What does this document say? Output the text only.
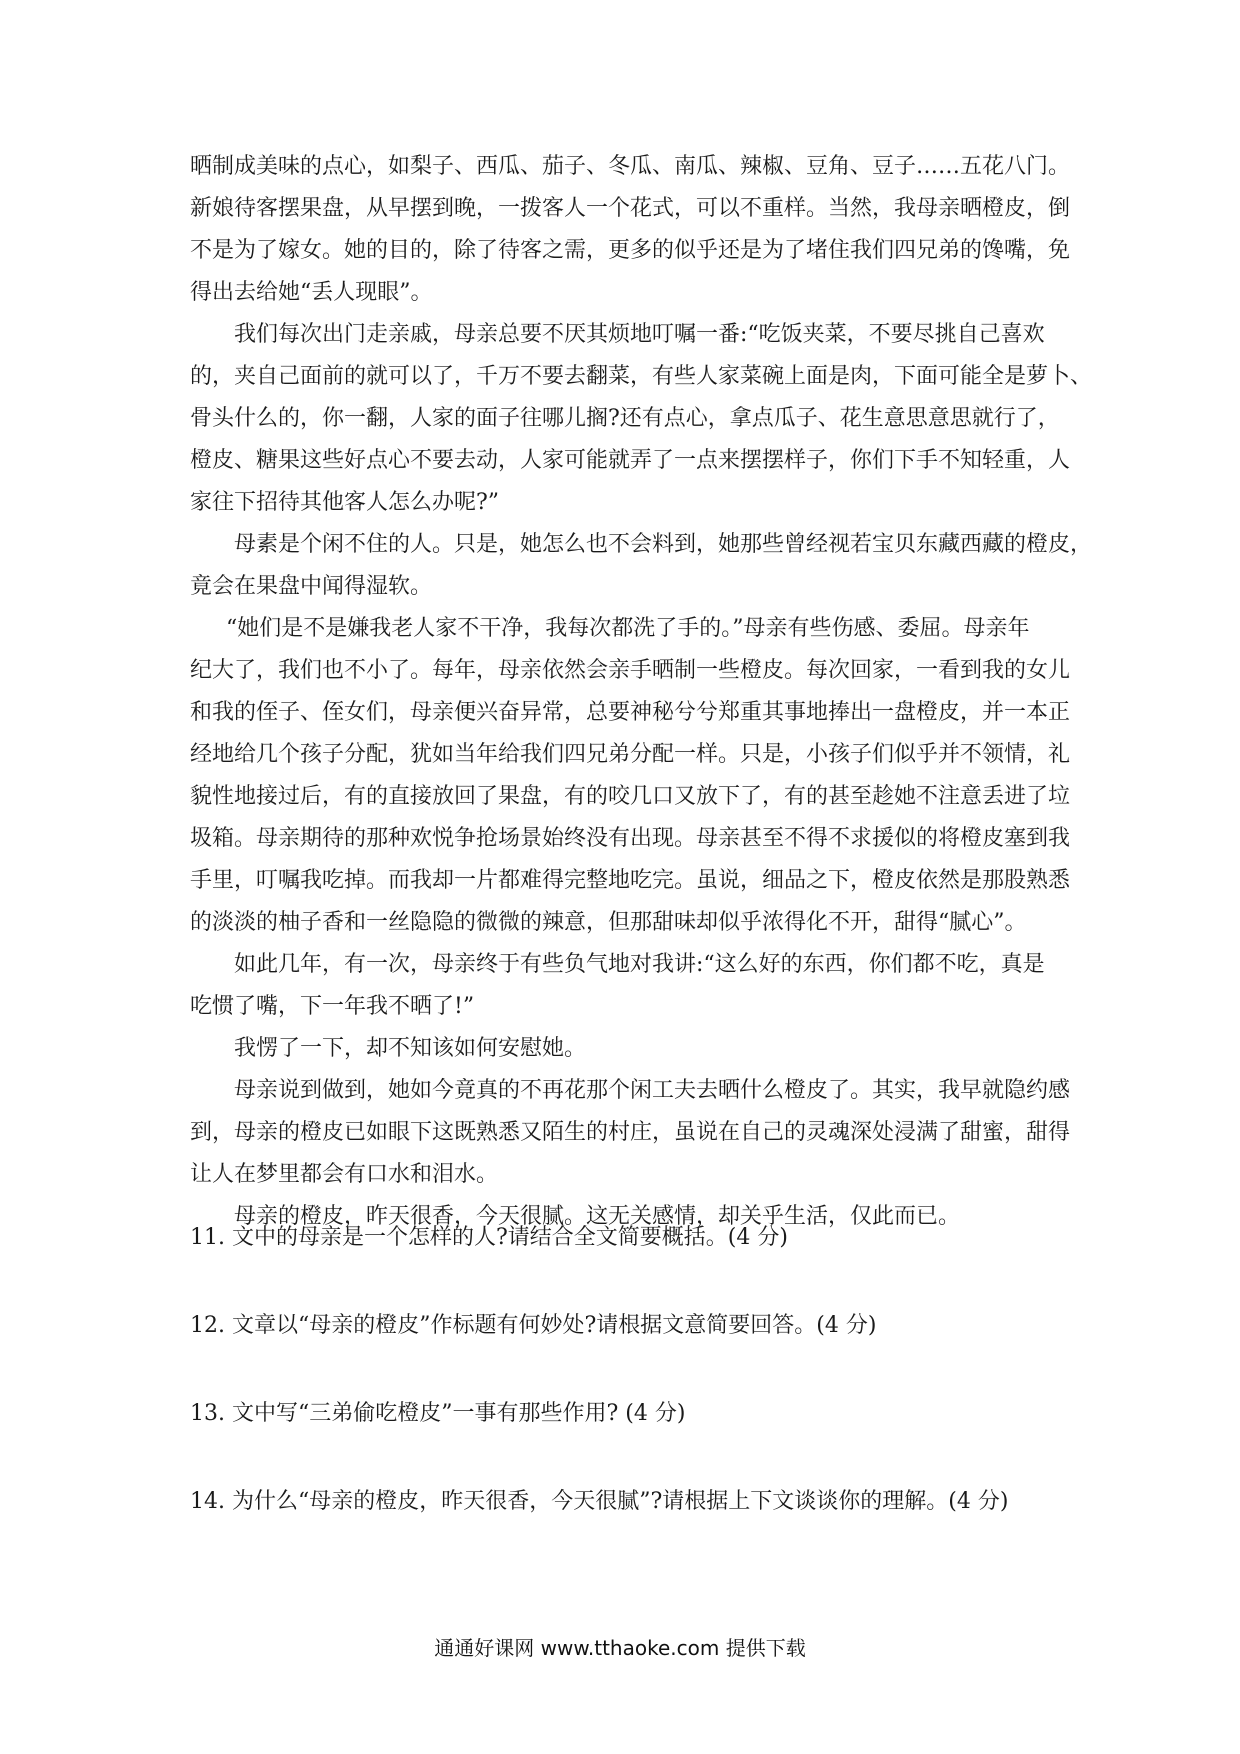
晒制成美味的点心，如梨子、西瓜、茄子、冬瓜、南瓜、辣椒、豆角、豆子……五花八门。
新娘待客摆果盘，从早摆到晚，一拨客人一个花式，可以不重样。当然，我母亲晒橙皮，倒
不是为了嫁女。她的目的，除了待客之需，更多的似乎还是为了堵住我们四兄弟的馋嘴，免
得出去给她“丢人现眼”。
我们每次出门走亲戚，母亲总要不厌其烦地叮嘱一番:“吃饭夹菜，不要尽挑自己喜欢
的，夹自己面前的就可以了，千万不要去翻菜，有些人家菜碗上面是肉，下面可能全是萝卜、
骨头什么的，你一翻，人家的面子往哪儿搁?还有点心，拿点瓜子、花生意思意思就行了，
橙皮、糖果这些好点心不要去动，人家可能就弄了一点来摆摆样子，你们下手不知轻重，人
家往下招待其他客人怎么办呢?”
母素是个闲不住的人。只是，她怎么也不会料到，她那些曾经视若宝贝东藏西藏的橙皮，
竟会在果盘中闻得湿软。
“她们是不是嫌我老人家不干净，我每次都洗了手的。”母亲有些伤感、委屈。母亲年
纪大了，我们也不小了。每年，母亲依然会亲手晒制一些橙皮。每次回家，一看到我的女儿
和我的侄子、侄女们，母亲便兴奋异常，总要神秘兮兮郑重其事地捧出一盘橙皮，并一本正
经地给几个孩子分配，犹如当年给我们四兄弟分配一样。只是，小孩子们似乎并不领情，礼
貌性地接过后，有的直接放回了果盘，有的咬几口又放下了，有的甚至趁她不注意丢进了垃
圾箱。母亲期待的那种欢悦争抢场景始终没有出现。母亲甚至不得不求援似的将橙皮塞到我
手里，叮嘱我吃掉。而我却一片都难得完整地吃完。虽说，细品之下，橙皮依然是那股熟悉
的淡淡的柚子香和一丝隐隐的微微的辣意，但那甜味却似乎浓得化不开，甜得“腻心”。
如此几年，有一次，母亲终于有些负气地对我讲:“这么好的东西，你们都不吃，真是
吃惯了嘴，下一年我不晒了!”
我愣了一下，却不知该如何安慰她。
母亲说到做到，她如今竟真的不再花那个闲工夫去晒什么橙皮了。其实，我早就隐约感
到，母亲的橙皮已如眼下这既熟悉又陌生的村庄，虽说在自己的灵魂深处浸满了甜蜜，甜得
让人在梦里都会有口水和泪水。
母亲的橙皮，昨天很香，今天很腻。这无关感情，却关乎生活，仅此而已。
11. 文中的母亲是一个怎样的人?请结合全文简要概括。(4 分)
12. 文章以“母亲的橙皮”作标题有何妙处?请根据文意简要回答。(4 分)
13. 文中写“三弟偷吃橙皮”一事有那些作用? (4 分)
14. 为什么“母亲的橙皮，昨天很香，今天很腻”?请根据上下文谈谈你的理解。(4 分)
通通好课网 www.tthaoke.com 提供下载
